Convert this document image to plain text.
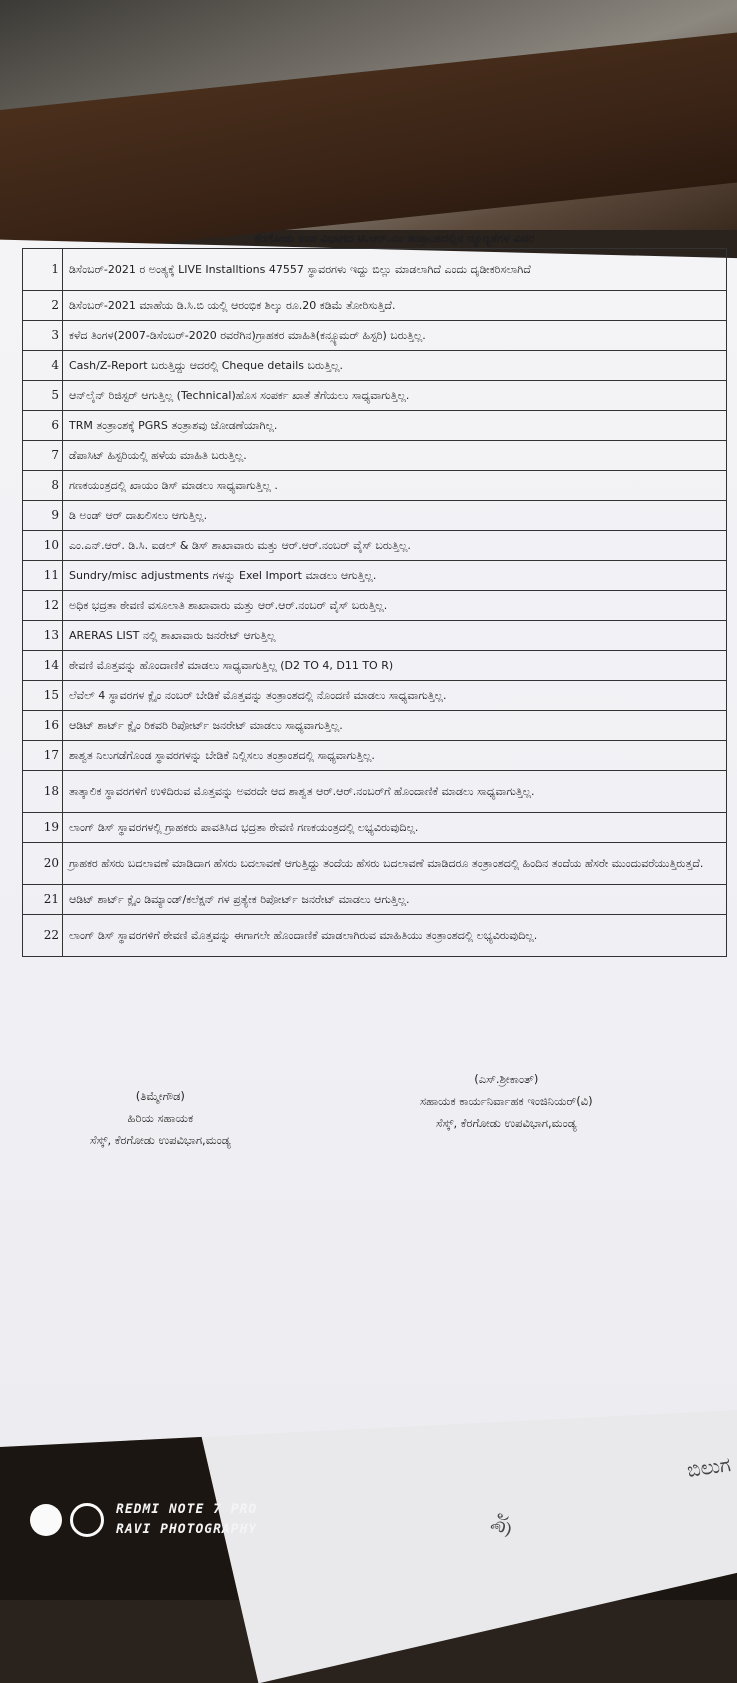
ಬಿಲುಗ
ಶ್ರೀ
ಕೆರಗೋಡು ಉಪ ವಿಭಾಗದ ಟಿ.ಆರ್.ಎಂ ತಂತ್ರಾಂಶದಲ್ಲಿನ ನ್ಯೂನ್ಯತೆಗಳ ವಿವರ
1	ಡಿಸೆಂಬರ್-2021 ರ ಅಂತ್ಯಕ್ಕೆ LIVE Installtions 47557 ಸ್ಥಾವರಗಳು ಇದ್ದು ಬಿಲ್ಲು ಮಾಡಲಾಗಿದೆ ಎಂದು ದೃಡೀಕರಿಸಲಾಗಿದೆ
2	ಡಿಸೆಂಬರ್-2021 ಮಾಹೆಯ ಡಿ.ಸಿ.ಬಿ ಯಲ್ಲಿ ಆರಂಭಿಕ ಶಿಲ್ಕು ರೂ.20 ಕಡಿಮೆ ತೋರಿಸುತ್ತಿದೆ.
3	ಕಳೆದ ತಿಂಗಳ(2007-ಡಿಸೆಂಬರ್-2020 ರವರೆಗಿನ)ಗ್ರಾಹಕರ ಮಾಹಿತಿ(ಕನ್ಸ್ಯೂಮರ್ ಹಿಸ್ಟರಿ) ಬರುತ್ತಿಲ್ಲ.
4	Cash/Z-Report ಬರುತ್ತಿದ್ದು ಆದರಲ್ಲಿ Cheque details ಬರುತ್ತಿಲ್ಲ.
5	ಆನ್‌ಲೈನ್ ರಿಜಿಸ್ಟರ್ ಆಗುತ್ತಿಲ್ಲ (Technical)ಹೊಸ ಸಂಪರ್ಕ ಖಾತೆ ತೆಗೆಯಲು ಸಾಧ್ಯವಾಗುತ್ತಿಲ್ಲ.
6	TRM ತಂತ್ರಾಂಶಕ್ಕೆ PGRS ತಂತ್ರಾಶವು ಜೋಡಣೆಯಾಗಿಲ್ಲ.
7	ಡೆಪಾಸಿಟ್ ಹಿಸ್ಟರಿಯಲ್ಲಿ ಹಳೆಯ ಮಾಹಿತಿ ಬರುತ್ತಿಲ್ಲ.
8	ಗಣಕಯಂತ್ರದಲ್ಲಿ ಖಾಯಂ ಡಿಸ್ ಮಾಡಲು ಸಾಧ್ಯವಾಗುತ್ತಿಲ್ಲ .
9	ಡಿ ಅಂಡ್ ಆರ್ ದಾಖಲಿಸಲು ಆಗುತ್ತಿಲ್ಲ.
10	ಎಂ.ಎನ್.ಆರ್. ಡಿ.ಸಿ. ಐಡಲ್ & ಡಿಸ್ ಶಾಖಾವಾರು ಮತ್ತು ಆರ್.ಆರ್.ನಂಬರ್ ವೈಸ್ ಬರುತ್ತಿಲ್ಲ.
11	Sundry/misc adjustments ಗಳನ್ನು Exel Import ಮಾಡಲು ಆಗುತ್ತಿಲ್ಲ.
12	ಅಧಿಕ ಭದ್ರತಾ ಠೇವಣಿ ವಸೂಲಾತಿ ಶಾಖಾವಾರು ಮತ್ತು ಆರ್.ಆರ್.ನಂಬರ್ ವೈಸ್ ಬರುತ್ತಿಲ್ಲ.
13	ARERAS LIST ನಲ್ಲಿ ಶಾಖಾವಾರು ಜನರೇಟ್ ಆಗುತ್ತಿಲ್ಲ
14	ಠೇವಣಿ ಮೊತ್ತವನ್ನು ಹೊಂದಾಣಿಕೆ ಮಾಡಲು ಸಾಧ್ಯವಾಗುತ್ತಿಲ್ಲ (D2 TO 4, D11 TO R)
15	ಲೆವೆಲ್ 4 ಸ್ಥಾವರಗಳ ಕ್ಲೈಂ ನಂಬರ್ ಬೇಡಿಕೆ ಮೊತ್ತವನ್ನು ತಂತ್ರಾಂಶದಲ್ಲಿ ನೊಂದಣಿ ಮಾಡಲು ಸಾಧ್ಯವಾಗುತ್ತಿಲ್ಲ.
16	ಆಡಿಟ್ ಶಾರ್ಟ್ ಕ್ಲೈಂ ರಿಕವರಿ ರಿಪೋರ್ಟ್ ಜನರೇಟ್ ಮಾಡಲು ಸಾಧ್ಯವಾಗುತ್ತಿಲ್ಲ.
17	ಶಾಶ್ವತ ನಿಲುಗಡೆಗೊಂಡ ಸ್ಥಾವರಗಳನ್ನು ಬೇಡಿಕೆ ನಿಲ್ಲಿಸಲು ತಂತ್ರಾಂಶದಲ್ಲಿ ಸಾಧ್ಯವಾಗುತ್ತಿಲ್ಲ.
18	ತಾತ್ಕಾಲಿಕ ಸ್ಥಾವರಗಳಿಗೆ ಉಳಿದಿರುವ ಮೊತ್ತವನ್ನು ಅವರದೇ ಆದ ಶಾಶ್ವತ ಆರ್.ಆರ್.ನಂಬರ್‌ಗೆ ಹೊಂದಾಣಿಕೆ ಮಾಡಲು ಸಾಧ್ಯವಾಗುತ್ತಿಲ್ಲ.
19	ಲಾಂಗ್ ಡಿಸ್ ಸ್ಥಾವರಗಳಲ್ಲಿ ಗ್ರಾಹಕರು ಪಾವತಿಸಿದ ಭದ್ರತಾ ಠೇವಣಿ ಗಣಕಯಂತ್ರದಲ್ಲಿ ಲಭ್ಯವಿರುವುದಿಲ್ಲ.
20	ಗ್ರಾಹಕರ ಹೆಸರು ಬದಲಾವಣೆ ಮಾಡಿದಾಗ ಹೆಸರು ಬದಲಾವಣೆ ಆಗುತ್ತಿದ್ದು ತಂದೆಯ ಹೆಸರು ಬದಲಾವಣೆ ಮಾಡಿದರೂ ತಂತ್ರಾಂಶದಲ್ಲಿ ಹಿಂದಿನ ತಂದೆಯ ಹೆಸರೇ ಮುಂದುವರೆಯುತ್ತಿರುತ್ತದೆ.
21	ಆಡಿಟ್ ಶಾರ್ಟ್ ಕ್ಲೈಂ ಡಿಮ್ಯಾಂಡ್/ಕಲೆಕ್ಷನ್ ಗಳ ಪ್ರತ್ಯೇಕ ರಿಪೋರ್ಟ್ ಜನರೇಟ್ ಮಾಡಲು ಆಗುತ್ತಿಲ್ಲ.
22	ಲಾಂಗ್ ಡಿಸ್ ಸ್ಥಾವರಗಳಿಗೆ ಠೇವಣಿ ಮೊತ್ತವನ್ನು ಈಗಾಗಲೇ ಹೊಂದಾಣಿಕೆ ಮಾಡಲಾಗಿರುವ ಮಾಹಿತಿಯು ತಂತ್ರಾಂಶದಲ್ಲಿ ಲಭ್ಯವಿರುವುದಿಲ್ಲ.
(ತಿಮ್ಮೇಗೌಡ)
ಹಿರಿಯ ಸಹಾಯಕ
ಸೆಸ್ಕ್, ಕೆರಗೋಡು ಉಪವಿಭಾಗ,ಮಂಡ್ಯ
(ಎಸ್.ಶ್ರೀಕಾಂತ್)
ಸಹಾಯಕ ಕಾರ್ಯನಿರ್ವಾಹಕ ಇಂಜಿನಿಯರ್(ವಿ)
ಸೆಸ್ಕ್, ಕೆರಗೋಡು ಉಪವಿಭಾಗ,ಮಂಡ್ಯ
REDMI NOTE 7 PRO
RAVI PHOTOGRAPHY
